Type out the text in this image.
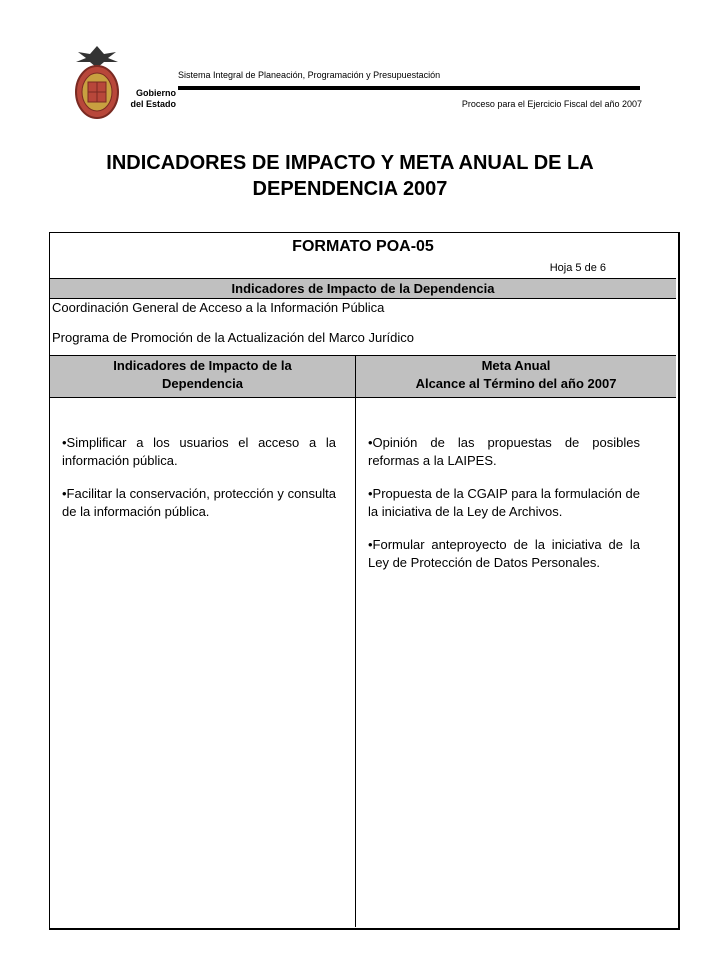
Gobierno
del Estado
Sistema Integral de Planeación, Programación y Presupuestación
Proceso para el Ejercicio Fiscal del año 2007
INDICADORES DE IMPACTO Y META ANUAL DE LA
DEPENDENCIA 2007
FORMATO POA-05
Hoja 5 de 6
Indicadores de Impacto de la Dependencia
Coordinación General de Acceso a la Información Pública
Programa de Promoción de la Actualización del Marco Jurídico
Indicadores de Impacto de la
Dependencia
Meta Anual
Alcance al Término del año 2007

•Simplificar a los usuarios el acceso a la información pública.

•Facilitar la conservación, protección y consulta de la información pública.

•Opinión de las propuestas de posibles reformas a la LAIPES.

•Propuesta de la CGAIP para la formulación de la iniciativa de la Ley de Archivos.

•Formular anteproyecto de la iniciativa de la Ley de Protección de Datos Personales.
